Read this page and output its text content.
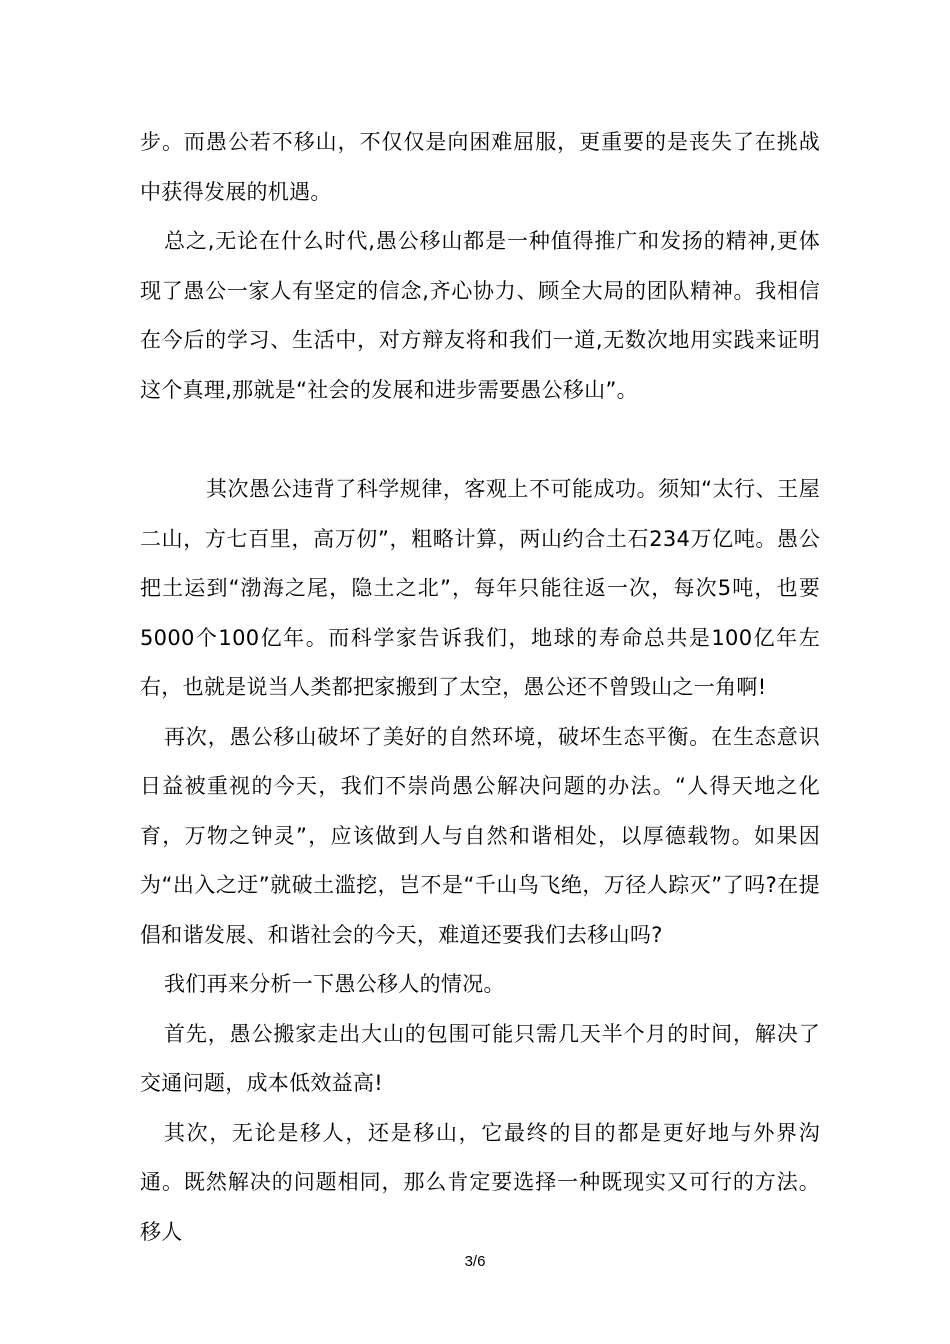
步。而愚公若不移山，不仅仅是向困难屈服，更重要的是丧失了在挑战中获得发展的机遇。

总之,无论在什么时代,愚公移山都是一种值得推广和发扬的精神,更体现了愚公一家人有坚定的信念,齐心协力、顾全大局的团队精神。我相信在今后的学习、生活中，对方辩友将和我们一道,无数次地用实践来证明这个真理,那就是“社会的发展和进步需要愚公移山”。

其次愚公违背了科学规律，客观上不可能成功。须知“太行、王屋二山，方七百里，高万仞”，粗略计算，两山约合土石234万亿吨。愚公把土运到“渤海之尾，隐土之北”，每年只能往返一次，每次5吨，也要5000个100亿年。而科学家告诉我们，地球的寿命总共是100亿年左右，也就是说当人类都把家搬到了太空，愚公还不曾毁山之一角啊!

再次，愚公移山破坏了美好的自然环境，破坏生态平衡。在生态意识日益被重视的今天，我们不崇尚愚公解决问题的办法。“人得天地之化育，万物之钟灵”，应该做到人与自然和谐相处，以厚德载物。如果因为“出入之迂”就破土滥挖，岂不是“千山鸟飞绝，万径人踪灭”了吗?在提倡和谐发展、和谐社会的今天，难道还要我们去移山吗?

我们再来分析一下愚公移人的情况。

首先，愚公搬家走出大山的包围可能只需几天半个月的时间，解决了交通问题，成本低效益高!

其次，无论是移人，还是移山，它最终的目的都是更好地与外界沟通。既然解决的问题相同，那么肯定要选择一种既现实又可行的方法。移人

3/6
